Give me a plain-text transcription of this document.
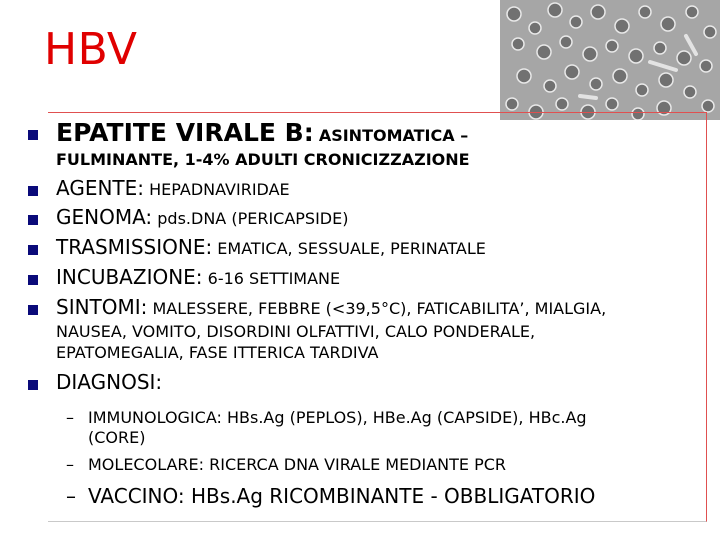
HBV
EPATITE VIRALE B: ASINTOMATICA –
FULMINANTE, 1-4% ADULTI CRONICIZZAZIONE
AGENTE: HEPADNAVIRIDAE
GENOMA: pds.DNA (PERICAPSIDE)
TRASMISSIONE: EMATICA, SESSUALE, PERINATALE
INCUBAZIONE: 6-16 SETTIMANE
SINTOMI: MALESSERE, FEBBRE (<39,5°C), FATICABILITA’, MIALGIA,
NAUSEA, VOMITO, DISORDINI OLFATTIVI, CALO PONDERALE,
EPATOMEGALIA, FASE ITTERICA TARDIVA
DIAGNOSI:
– IMMUNOLOGICA: HBs.Ag (PEPLOS), HBe.Ag (CAPSIDE), HBc.Ag
(CORE)
– MOLECOLARE: RICERCA DNA VIRALE MEDIANTE PCR
– VACCINO: HBs.Ag RICOMBINANTE - OBBLIGATORIO
